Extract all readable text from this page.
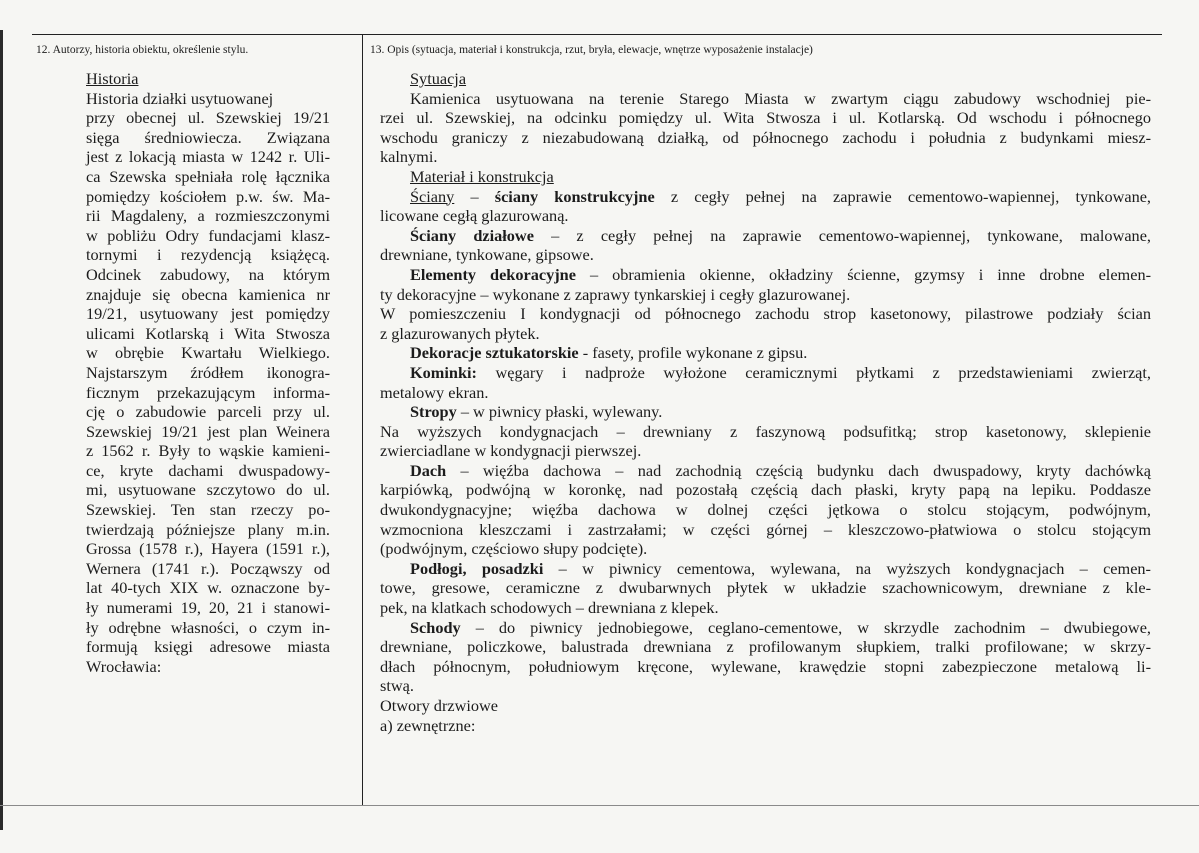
12. Autorzy, historia obiektu, określenie stylu.	13. Opis (sytuacja, materiał i konstrukcja, rzut, bryła, elewacje, wnętrze wyposażenie instalacje)
Historia
Historia działki usytuowanej
przy obecnej ul. Szewskiej 19/21
sięga średniowiecza. Związana
jest z lokacją miasta w 1242 r. Uli-
ca Szewska spełniała rolę łącznika
pomiędzy kościołem p.w. św. Ma-
rii Magdaleny, a rozmieszczonymi
w pobliżu Odry fundacjami klasz-
tornymi i rezydencją książęcą.
Odcinek zabudowy, na którym
znajduje się obecna kamienica nr
19/21, usytuowany jest pomiędzy
ulicami Kotlarską i Wita Stwosza
w obrębie Kwartału Wielkiego.
Najstarszym źródłem ikonogra-
ficznym przekazującym informa-
cję o zabudowie parceli przy ul.
Szewskiej 19/21 jest plan Weinera
z 1562 r. Były to wąskie kamieni-
ce, kryte dachami dwuspadowy-
mi, usytuowane szczytowo do ul.
Szewskiej. Ten stan rzeczy po-
twierdzają późniejsze plany m.in.
Grossa (1578 r.), Hayera (1591 r.),
Wernera (1741 r.). Począwszy od
lat 40-tych XIX w. oznaczone by-
ły numerami 19, 20, 21 i stanowi-
ły odrębne własności, o czym in-
formują księgi adresowe miasta
Wrocławia:
Sytuacja
Kamienica usytuowana na terenie Starego Miasta w zwartym ciągu zabudowy wschodniej pie-
rzei ul. Szewskiej, na odcinku pomiędzy ul. Wita Stwosza i ul. Kotlarską. Od wschodu i północnego
wschodu graniczy z niezabudowaną działką, od północnego zachodu i południa z budynkami miesz-
kalnymi.
Materiał i konstrukcja
Ściany – ściany konstrukcyjne z cegły pełnej na zaprawie cementowo-wapiennej, tynkowane,
licowane cegłą glazurowaną.
Ściany działowe – z cegły pełnej na zaprawie cementowo-wapiennej, tynkowane, malowane,
drewniane, tynkowane, gipsowe.
Elementy dekoracyjne – obramienia okienne, okładziny ścienne, gzymsy i inne drobne elemen-
ty dekoracyjne – wykonane z zaprawy tynkarskiej i cegły glazurowanej.
W pomieszczeniu I kondygnacji od północnego zachodu strop kasetonowy, pilastrowe podziały ścian
z glazurowanych płytek.
Dekoracje sztukatorskie - fasety, profile wykonane z gipsu.
Kominki: węgary i nadproże wyłożone ceramicznymi płytkami z przedstawieniami zwierząt,
metalowy ekran.
Stropy – w piwnicy płaski, wylewany.
Na wyższych kondygnacjach – drewniany z faszynową podsufitką; strop kasetonowy, sklepienie
zwierciadlane w kondygnacji pierwszej.
Dach – więźba dachowa – nad zachodnią częścią budynku dach dwuspadowy, kryty dachówką
karpiówką, podwójną w koronkę, nad pozostałą częścią dach płaski, kryty papą na lepiku. Poddasze
dwukondygnacyjne; więźba dachowa w dolnej części jętkowa o stolcu stojącym, podwójnym,
wzmocniona kleszczami i zastrzałami; w części górnej – kleszczowo-płatwiowa o stolcu stojącym
(podwójnym, częściowo słupy podcięte).
Podłogi, posadzki – w piwnicy cementowa, wylewana, na wyższych kondygnacjach – cemen-
towe, gresowe, ceramiczne z dwubarwnych płytek w układzie szachownicowym, drewniane z kle-
pek, na klatkach schodowych – drewniana z klepek.
Schody – do piwnicy jednobiegowe, ceglano-cementowe, w skrzydle zachodnim – dwubiegowe,
drewniane, policzkowe, balustrada drewniana z profilowanym słupkiem, tralki profilowane; w skrzy-
dłach północnym, południowym kręcone, wylewane, krawędzie stopni zabezpieczone metalową li-
stwą.
Otwory drzwiowe
a) zewnętrzne:
